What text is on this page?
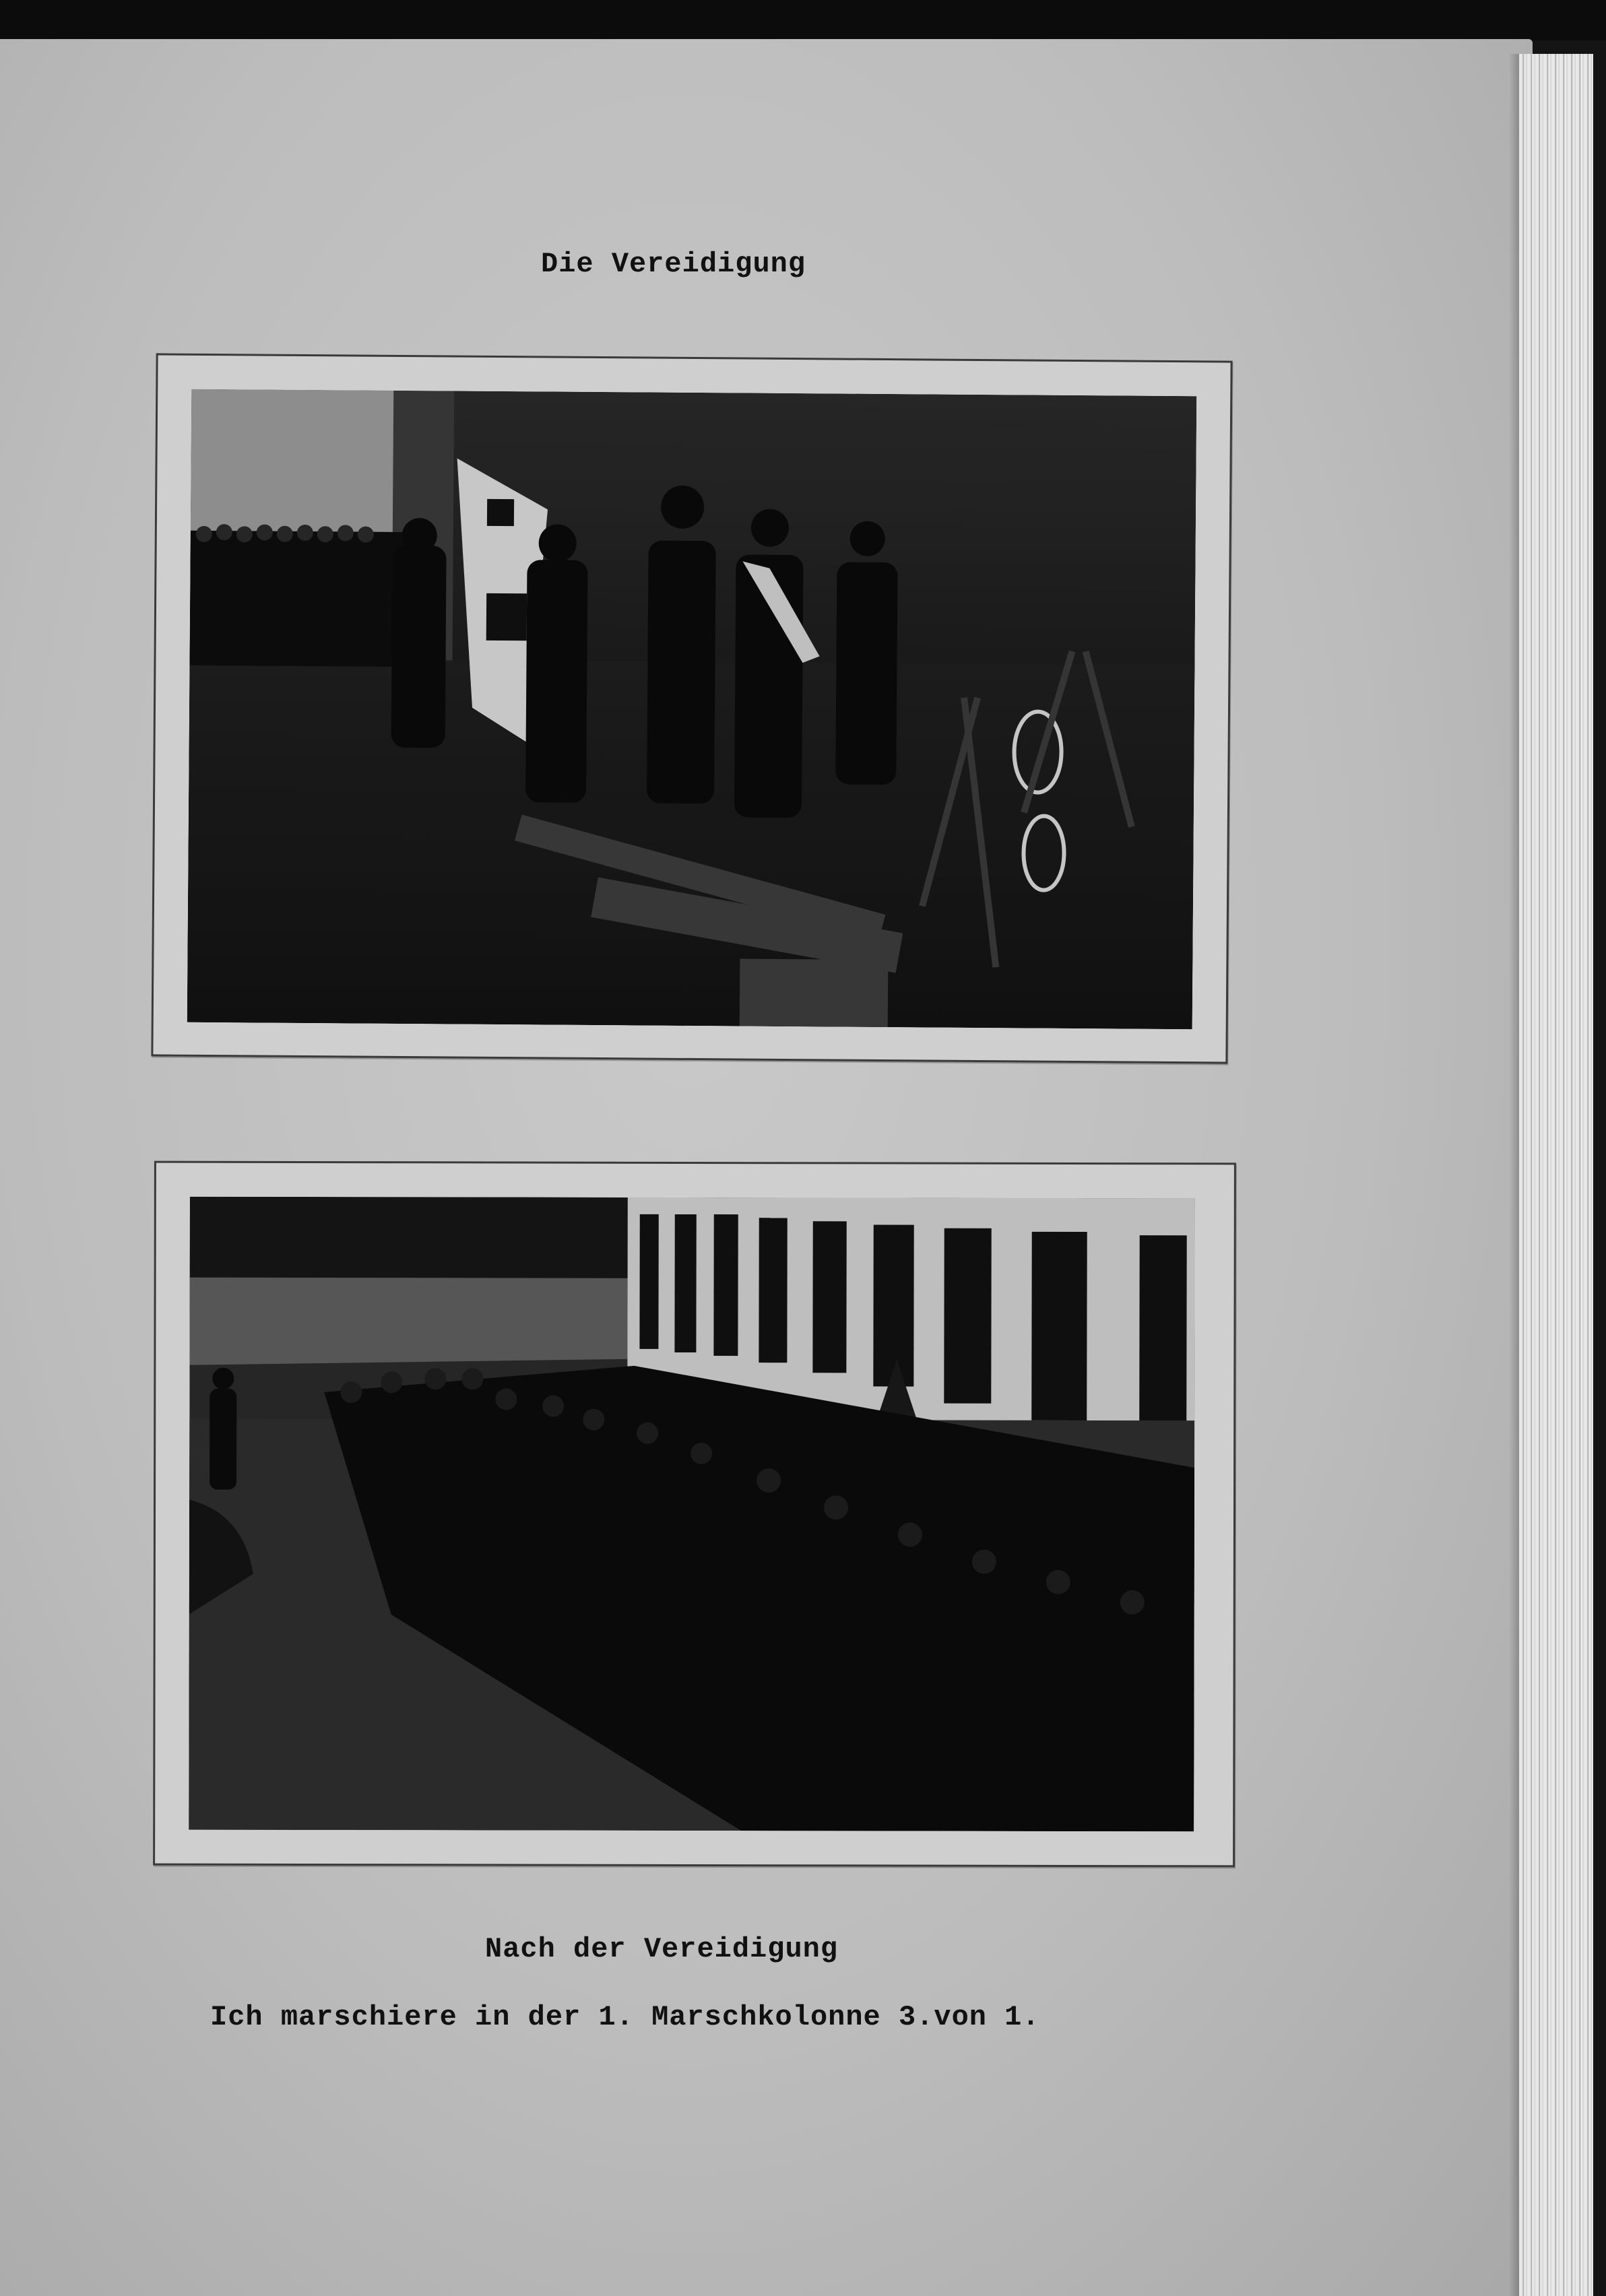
Die Vereidigung
Nach der Vereidigung
Ich marschiere in der 1. Marschkolonne 3.von 1.
